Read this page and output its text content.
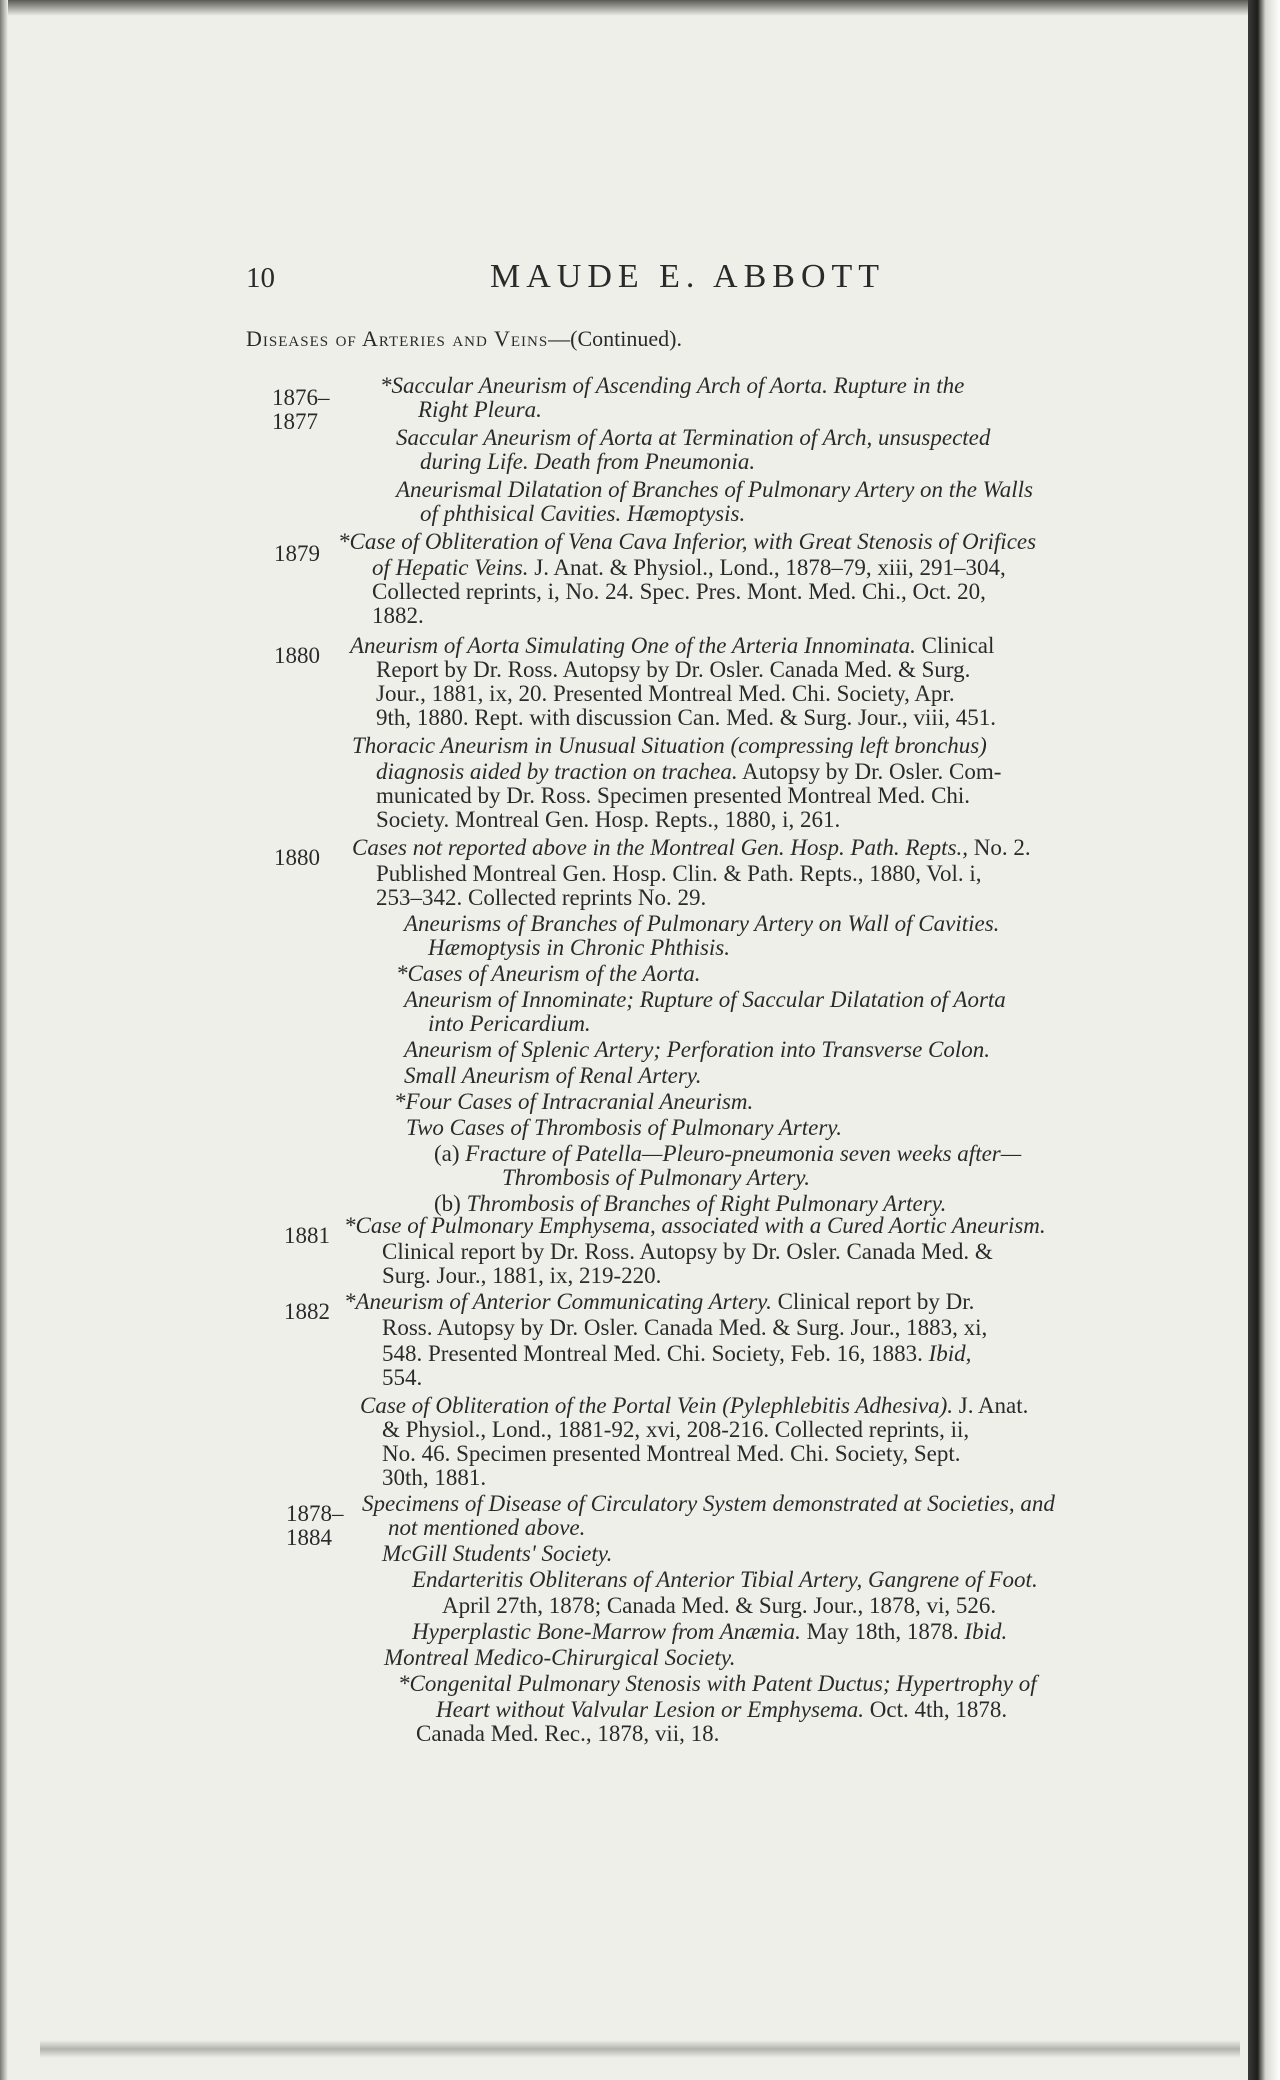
10	MAUDE E. ABBOTT
Diseases of Arteries and Veins—(Continued).
1876–
1877
1879
1880
1880
1881
1882
1878–
1884
*Saccular Aneurism of Ascending Arch of Aorta. Rupture in the
Right Pleura.
Saccular Aneurism of Aorta at Termination of Arch, unsuspected
during Life. Death from Pneumonia.
Aneurismal Dilatation of Branches of Pulmonary Artery on the Walls
of phthisical Cavities. Hæmoptysis.
*Case of Obliteration of Vena Cava Inferior, with Great Stenosis of Orifices
of Hepatic Veins. J. Anat. & Physiol., Lond., 1878–79, xiii, 291–304,
Collected reprints, i, No. 24. Spec. Pres. Mont. Med. Chi., Oct. 20,
1882.
Aneurism of Aorta Simulating One of the Arteria Innominata. Clinical
Report by Dr. Ross. Autopsy by Dr. Osler. Canada Med. & Surg.
Jour., 1881, ix, 20. Presented Montreal Med. Chi. Society, Apr.
9th, 1880. Rept. with discussion Can. Med. & Surg. Jour., viii, 451.
Thoracic Aneurism in Unusual Situation (compressing left bronchus)
diagnosis aided by traction on trachea. Autopsy by Dr. Osler. Com-
municated by Dr. Ross. Specimen presented Montreal Med. Chi.
Society. Montreal Gen. Hosp. Repts., 1880, i, 261.
Cases not reported above in the Montreal Gen. Hosp. Path. Repts., No. 2.
Published Montreal Gen. Hosp. Clin. & Path. Repts., 1880, Vol. i,
253–342. Collected reprints No. 29.
Aneurisms of Branches of Pulmonary Artery on Wall of Cavities.
Hæmoptysis in Chronic Phthisis.
*Cases of Aneurism of the Aorta.
Aneurism of Innominate; Rupture of Saccular Dilatation of Aorta
into Pericardium.
Aneurism of Splenic Artery; Perforation into Transverse Colon.
Small Aneurism of Renal Artery.
*Four Cases of Intracranial Aneurism.
Two Cases of Thrombosis of Pulmonary Artery.
(a) Fracture of Patella—Pleuro-pneumonia seven weeks after—
Thrombosis of Pulmonary Artery.
(b) Thrombosis of Branches of Right Pulmonary Artery.
*Case of Pulmonary Emphysema, associated with a Cured Aortic Aneurism.
Clinical report by Dr. Ross. Autopsy by Dr. Osler. Canada Med. &
Surg. Jour., 1881, ix, 219-220.
*Aneurism of Anterior Communicating Artery. Clinical report by Dr.
Ross. Autopsy by Dr. Osler. Canada Med. & Surg. Jour., 1883, xi,
548. Presented Montreal Med. Chi. Society, Feb. 16, 1883. Ibid,
554.
Case of Obliteration of the Portal Vein (Pylephlebitis Adhesiva). J. Anat.
& Physiol., Lond., 1881-92, xvi, 208-216. Collected reprints, ii,
No. 46. Specimen presented Montreal Med. Chi. Society, Sept.
30th, 1881.
Specimens of Disease of Circulatory System demonstrated at Societies, and
not mentioned above.
McGill Students' Society.
Endarteritis Obliterans of Anterior Tibial Artery, Gangrene of Foot.
April 27th, 1878; Canada Med. & Surg. Jour., 1878, vi, 526.
Hyperplastic Bone-Marrow from Anæmia. May 18th, 1878. Ibid.
Montreal Medico-Chirurgical Society.
*Congenital Pulmonary Stenosis with Patent Ductus; Hypertrophy of
Heart without Valvular Lesion or Emphysema. Oct. 4th, 1878.
Canada Med. Rec., 1878, vii, 18.
